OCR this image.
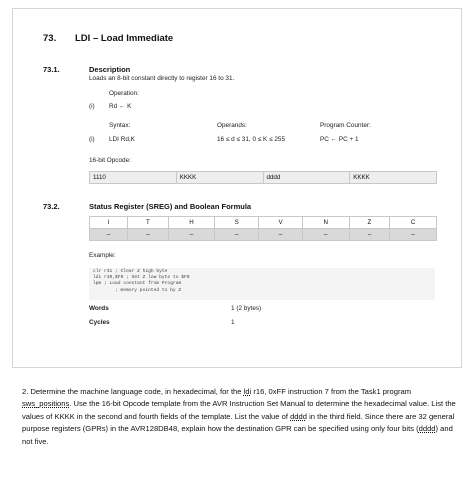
73. LDI – Load Immediate
73.1.	Description
Loads an 8-bit constant directly to register 16 to 31.
Operation:
(i) Rd ← K
Syntax:	Operands:	Program Counter:
(i) LDI Rd,K	16 ≤ d ≤ 31, 0 ≤ K ≤ 255	PC ← PC + 1
16-bit Opcode:
1110	KKKK	dddd	KKKK
73.2.	Status Register (SREG) and Boolean Formula
I	T	H	S	V	N	Z	C
–	–	–	–	–	–	–	–
Example:
clr r31 ; Clear Z high byte
ldi r30,$F0 ; Set Z low byte to $F0
lpm ; Load constant from Program
; memory pointed to by Z
Words	1 (2 bytes)
Cycles	1
2. Determine the machine language code, in hexadecimal, for the ldi r16, 0xFF instruction 7 from the Task1 program sws_positions. Use the 16-bit Opcode template from the AVR Instruction Set Manual to determine the hexadecimal value. List the values of KKKK in the second and fourth fields of the template. List the value of dddd in the third field. Since there are 32 general purpose registers (GPRs) in the AVR128DB48, explain how the destination GPR can be specified using only four bits (dddd) and not five.
